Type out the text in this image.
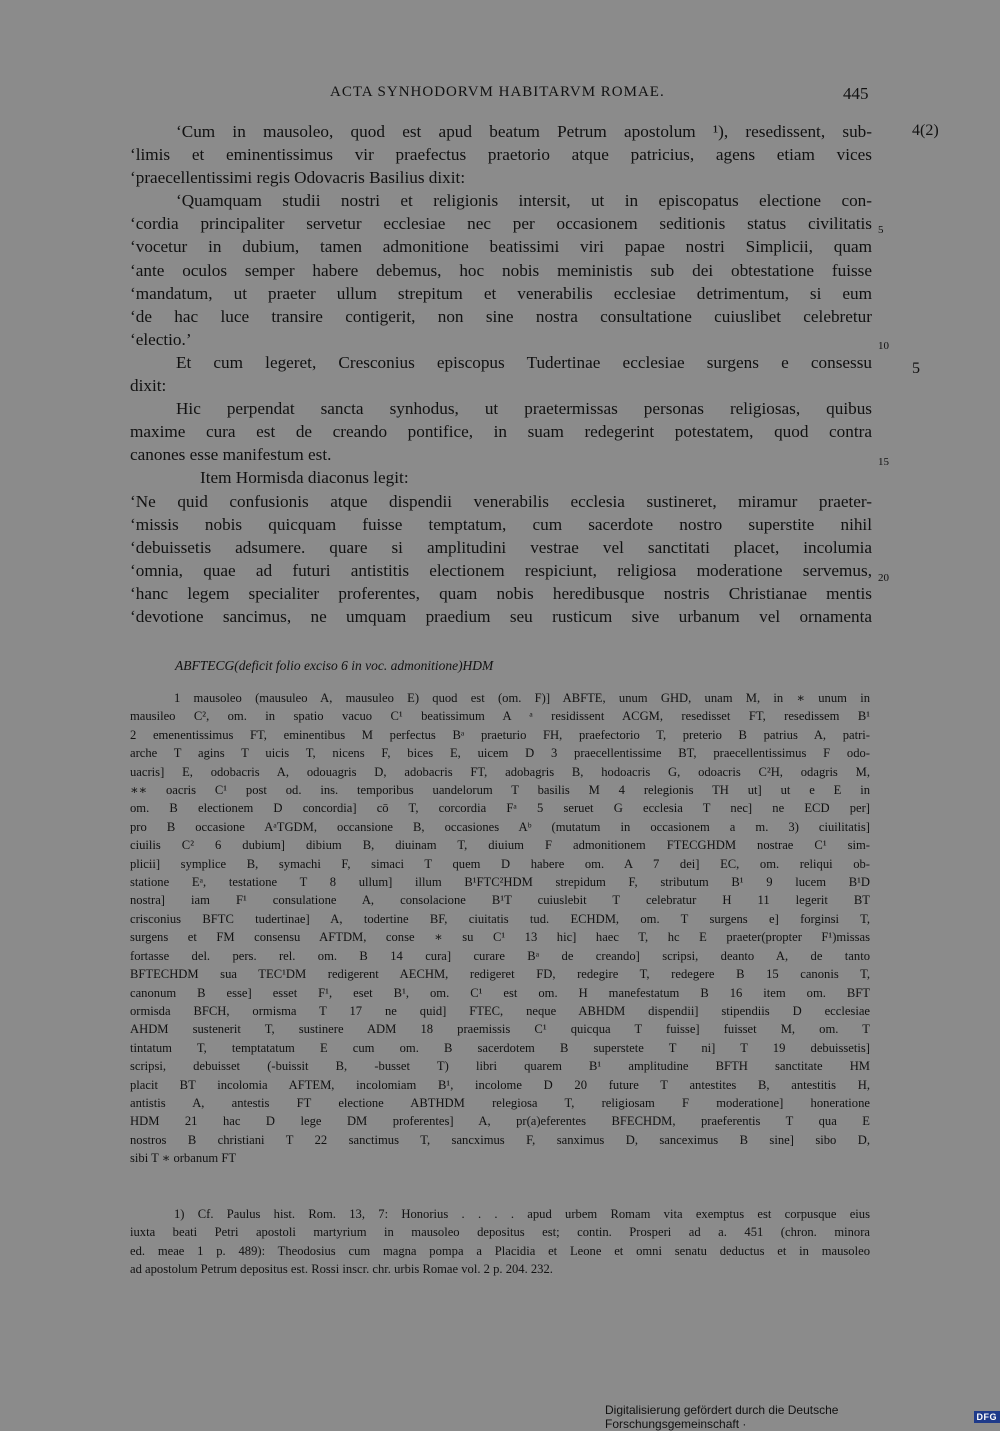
ACTA SYNHODORVM HABITARVM ROMAE.	445
4(2)
5
10
5
15
20
‘Cum in mausoleo, quod est apud beatum Petrum apostolum ¹), resedissent, sub-
‘limis et eminentissimus vir praefectus praetorio atque patricius, agens etiam vices
‘praecellentissimi regis Odovacris Basilius dixit:
‘Quamquam studii nostri et religionis intersit, ut in episcopatus electione con-
‘cordia principaliter servetur ecclesiae nec per occasionem seditionis status civilitatis
‘vocetur in dubium, tamen admonitione beatissimi viri papae nostri Simplicii, quam
‘ante oculos semper habere debemus, hoc nobis meministis sub dei obtestatione fuisse
‘mandatum, ut praeter ullum strepitum et venerabilis ecclesiae detrimentum, si eum
‘de hac luce transire contigerit, non sine nostra consultatione cuiuslibet celebretur
‘electio.’
Et cum legeret, Cresconius episcopus Tudertinae ecclesiae surgens e consessu
dixit:
Hic perpendat sancta synhodus, ut praetermissas personas religiosas, quibus
maxime cura est de creando pontifice, in suam redegerint potestatem, quod contra
canones esse manifestum est.
Item Hormisda diaconus legit:
‘Ne quid confusionis atque dispendii venerabilis ecclesia sustineret, miramur praeter-
‘missis nobis quicquam fuisse temptatum, cum sacerdote nostro superstite nihil
‘debuissetis adsumere. quare si amplitudini vestrae vel sanctitati placet, incolumia
‘omnia, quae ad futuri antistitis electionem respiciunt, religiosa moderatione servemus,
‘hanc legem specialiter proferentes, quam nobis heredibusque nostris Christianae mentis
‘devotione sancimus, ne umquam praedium seu rusticum sive urbanum vel ornamenta
ABFTECG(deficit folio exciso 6 in voc. admonitione)HDM
1 mausoleo (mausuleo A, mausuleo E) quod est (om. F)] ABFTE, unum GHD, unam M, in ∗ unum in
mausileo C², om. in spatio vacuo C¹ beatissimum A ᵃ residissent ACGM, resedisset FT, resedissem B¹
2 emenentissimus FT, eminentibus M perfectus Bᵃ praeturio FH, praefectorio T, preterio B patrius A, patri-
arche T agins T uicis T, nicens F, bices E, uicem D 3 praecellentissime BT, praecellentissimus F odo-
uacris] E, odobacris A, odouagris D, adobacris FT, adobagris B, hodoacris G, odoacris C²H, odagris M,
∗∗ oacris C¹ post od. ins. temporibus uandelorum T basilis M 4 relegionis TH ut] ut e E in
om. B electionem D concordia] cō T, corcordia Fᵃ 5 seruet G ecclesia T nec] ne ECD per]
pro B occasione AᵃTGDM, occansione B, occasiones Aᵇ (mutatum in occasionem a m. 3) ciuilitatis]
ciuilis C² 6 dubium] dibium B, diuinam T, diuium F admonitionem FTECGHDM nostrae C¹ sim-
plicii] symplice B, symachi F, simaci T quem D habere om. A 7 dei] EC, om. reliqui ob-
statione Eᵃ, testatione T 8 ullum] illum B¹FTC²HDM strepidum F, stributum B¹ 9 lucem B¹D
nostra] iam F¹ consulatione A, consolacione B¹T cuiuslebit T celebratur H 11 legerit BT
crisconius BFTC tudertinae] A, todertine BF, ciuitatis tud. ECHDM, om. T surgens e] forginsi T,
surgens et FM consensu AFTDM, conse ∗ su C¹ 13 hic] haec T, hc E praeter(propter F¹)missas
fortasse del. pers. rel. om. B 14 cura] curare Bᵃ de creando] scripsi, deanto A, de tanto
BFTECHDM sua TEC¹DM redigerent AECHM, redigeret FD, redegire T, redegere B 15 canonis T,
canonum B esse] esset F¹, eset B¹, om. C¹ est om. H manefestatum B 16 item om. BFT
ormisda BFCH, ormisma T 17 ne quid] FTEC, neque ABHDM dispendii] stipendiis D ecclesiae
AHDM sustenerit T, sustinere ADM 18 praemissis C¹ quicqua T fuisse] fuisset M, om. T
tintatum T, temptatatum E cum om. B sacerdotem B superstete T ni] T 19 debuissetis]
scripsi, debuisset (-buissit B, -busset T) libri quarem B¹ amplitudine BFTH sanctitate HM
placit BT incolomia AFTEM, incolomiam B¹, incolome D 20 future T antestites B, antestitis H,
antistis A, antestis FT electione ABTHDM relegiosa T, religiosam F moderatione] honeratione
HDM 21 hac D lege DM proferentes] A, pr(a)eferentes BFECHDM, praeferentis T qua E
nostros B christiani T 22 sanctimus T, sancximus F, sanximus D, sanceximus B sine] sibo D,
sibi T ∗ orbanum FT
1) Cf. Paulus hist. Rom. 13, 7: Honorius . . . . apud urbem Romam vita exemptus est corpusque eius
iuxta beati Petri apostoli martyrium in mausoleo depositus est; contin. Prosperi ad a. 451 (chron. minora
ed. meae 1 p. 489): Theodosius cum magna pompa a Placidia et Leone et omni senatu deductus et in mausoleo
ad apostolum Petrum depositus est. Rossi inscr. chr. urbis Romae vol. 2 p. 204. 232.
Digitalisierung gefördert durch die Deutsche Forschungsgemeinschaft ·	DFG
